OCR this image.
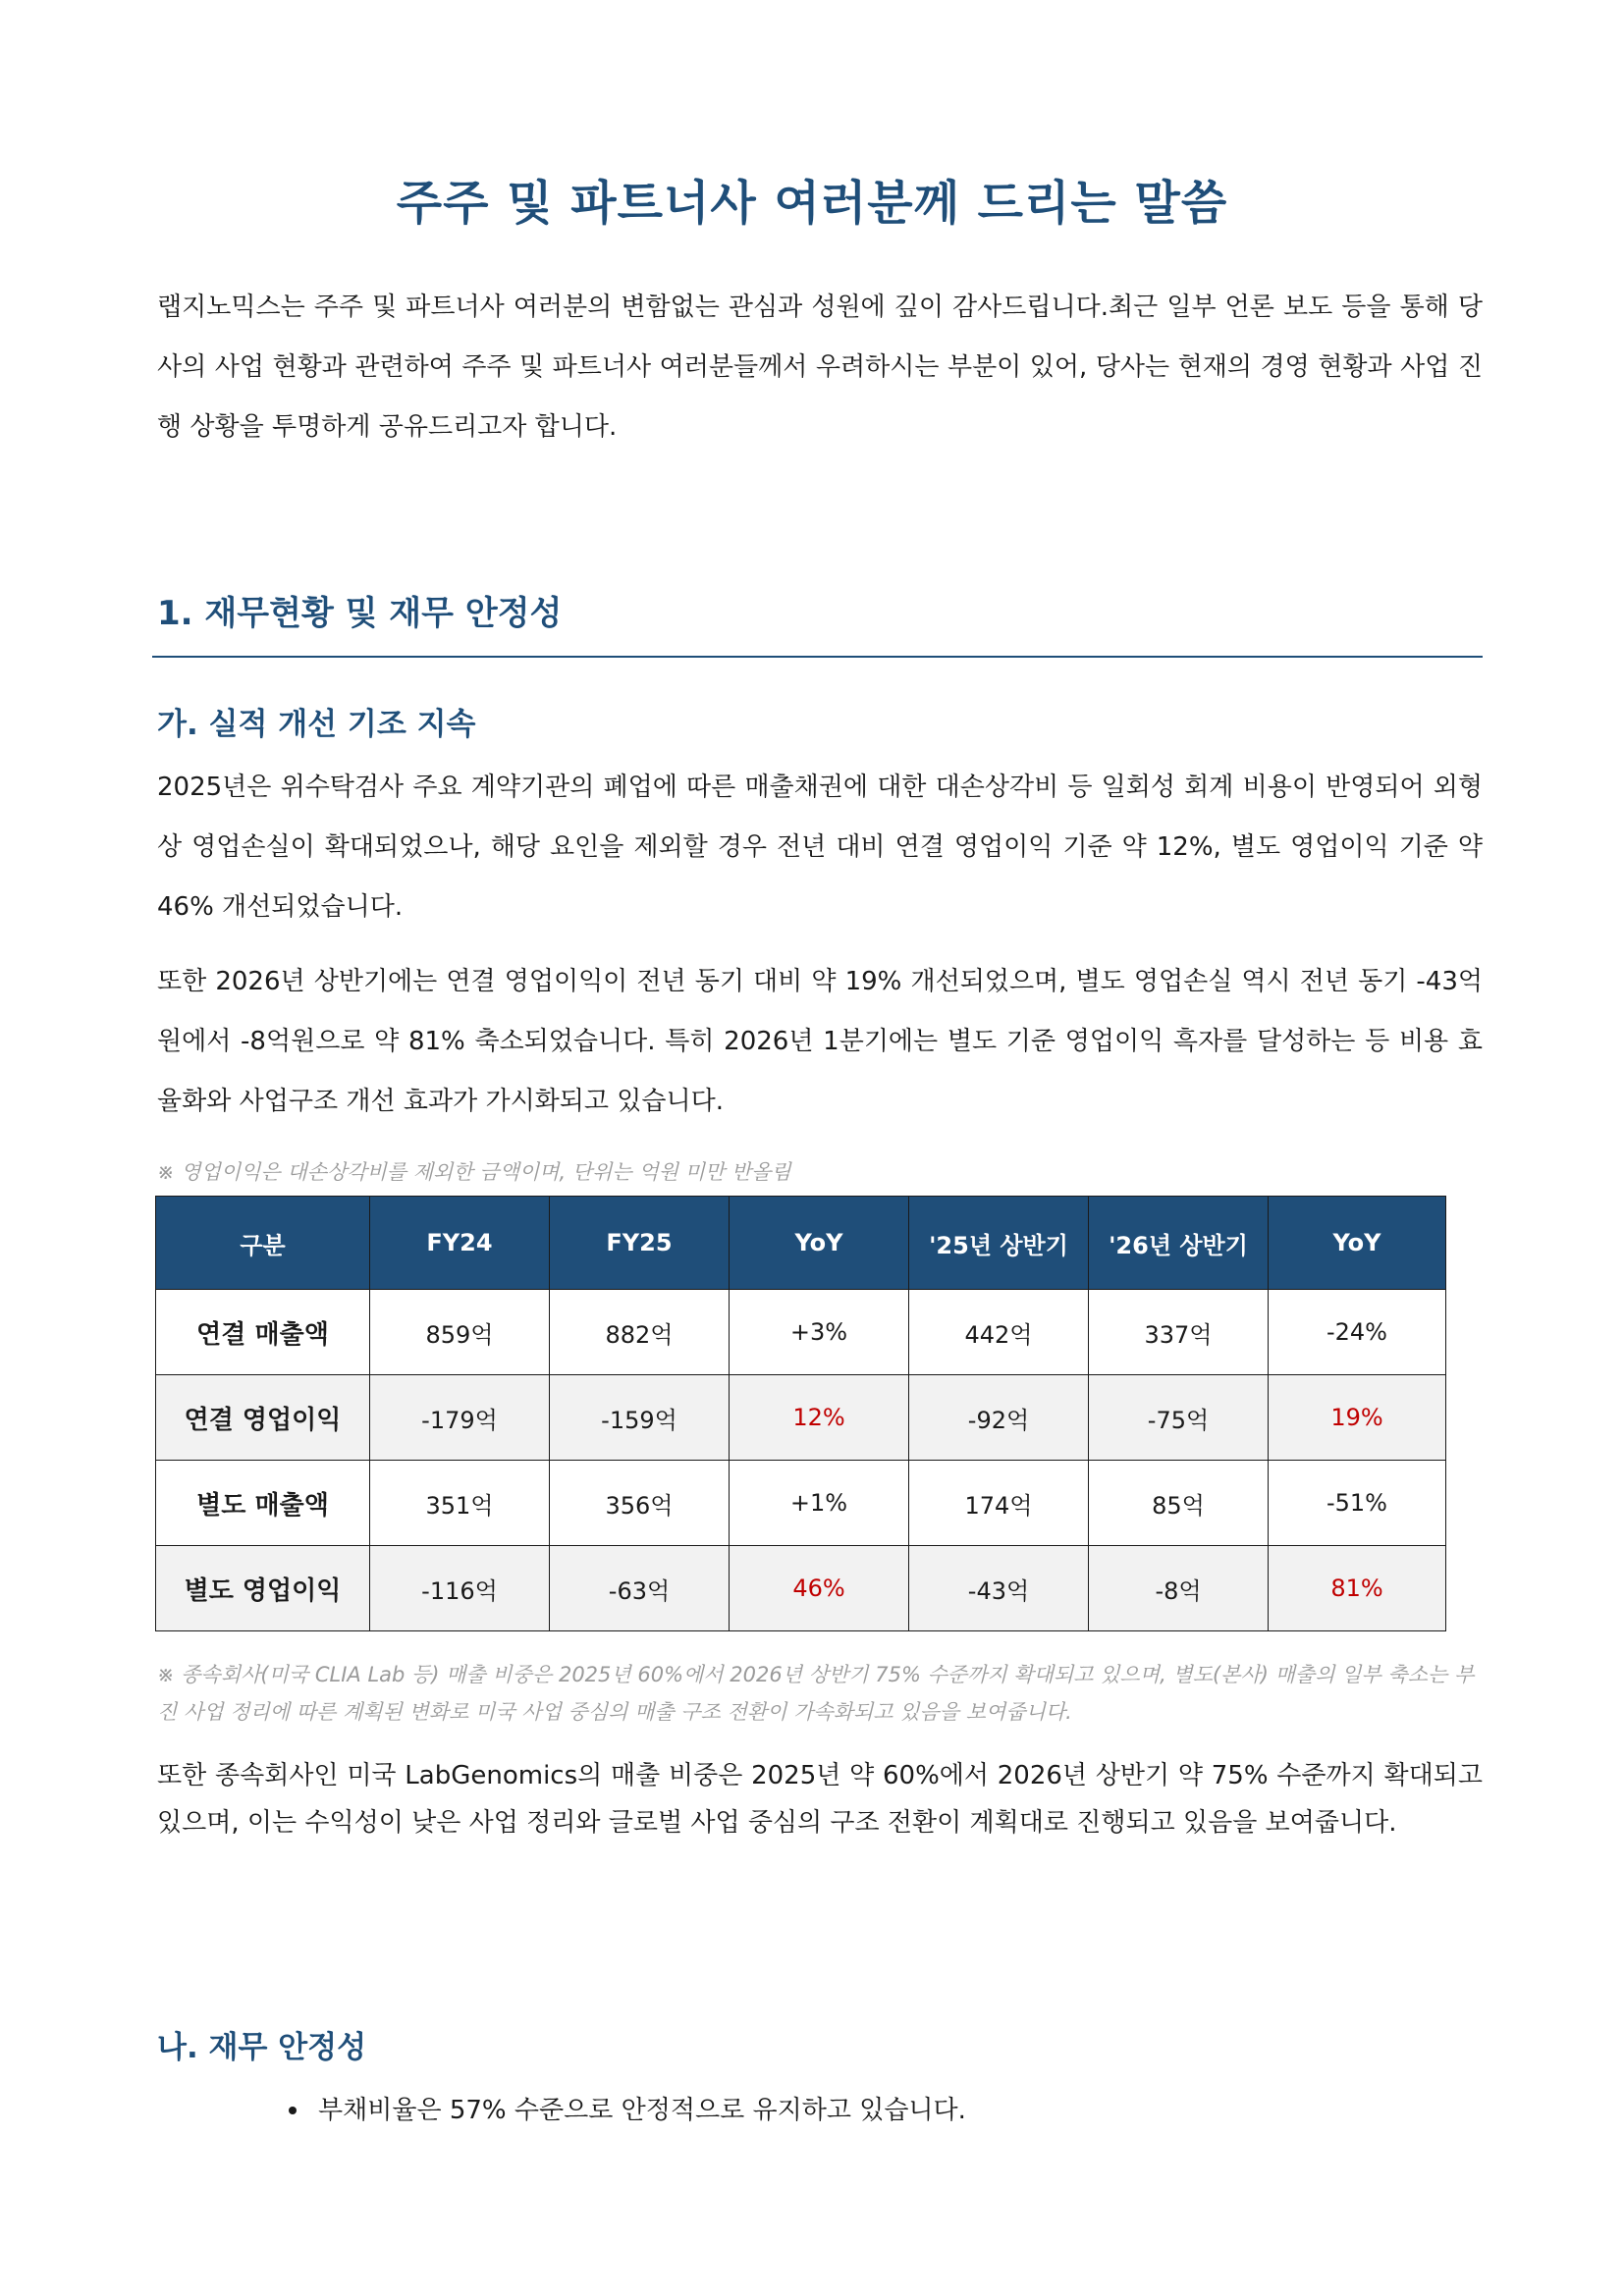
주주 및 파트너사 여러분께 드리는 말씀

랩지노믹스는 주주 및 파트너사 여러분의 변함없는 관심과 성원에 깊이 감사드립니다.최근 일부 언론 보도 등을 통해 당사의 사업 현황과 관련하여 주주 및 파트너사 여러분들께서 우려하시는 부분이 있어, 당사는 현재의 경영 현황과 사업 진행 상황을 투명하게 공유드리고자 합니다.

1. 재무현황 및 재무 안정성
가. 실적 개선 기조 지속

2025년은 위수탁검사 주요 계약기관의 폐업에 따른 매출채권에 대한 대손상각비 등 일회성 회계 비용이 반영되어 외형상 영업손실이 확대되었으나, 해당 요인을 제외할 경우 전년 대비 연결 영업이익 기준 약 12%, 별도 영업이익 기준 약 46% 개선되었습니다.

또한 2026년 상반기에는 연결 영업이익이 전년 동기 대비 약 19% 개선되었으며, 별도 영업손실 역시 전년 동기 -43억원에서 -8억원으로 약 81% 축소되었습니다. 특히 2026년 1분기에는 별도 기준 영업이익 흑자를 달성하는 등 비용 효율화와 사업구조 개선 효과가 가시화되고 있습니다.

※ 영업이익은 대손상각비를 제외한 금액이며, 단위는 억원 미만 반올림

구분	FY24	FY25	YoY	'25년 상반기	'26년 상반기	YoY
연결 매출액	859억	882억	+3%	442억	337억	-24%
연결 영업이익	-179억	-159억	12%	-92억	-75억	19%
별도 매출액	351억	356억	+1%	174억	85억	-51%
별도 영업이익	-116억	-63억	46%	-43억	-8억	81%

※ 종속회사(미국 CLIA Lab 등) 매출 비중은 2025년 60%에서 2026년 상반기 75% 수준까지 확대되고 있으며, 별도(본사) 매출의 일부 축소는 부진 사업 정리에 따른 계획된 변화로 미국 사업 중심의 매출 구조 전환이 가속화되고 있음을 보여줍니다.

또한 종속회사인 미국 LabGenomics의 매출 비중은 2025년 약 60%에서 2026년 상반기 약 75% 수준까지 확대되고 있으며, 이는 수익성이 낮은 사업 정리와 글로벌 사업 중심의 구조 전환이 계획대로 진행되고 있음을 보여줍니다.

나. 재무 안정성
부채비율은 57% 수준으로 안정적으로 유지하고 있습니다.
